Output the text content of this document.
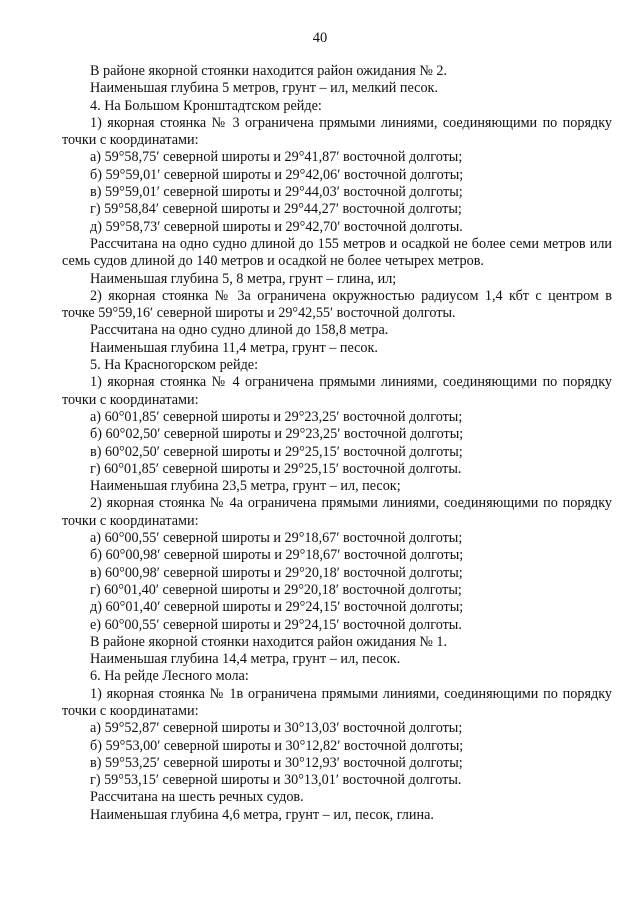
40
В районе якорной стоянки находится район ожидания № 2.
Наименьшая глубина 5 метров, грунт – ил, мелкий песок.
4. На Большом Кронштадтском рейде:
1) якорная стоянка № 3 ограничена прямыми линиями, соединяющими по порядку
точки с координатами:
а) 59°58,75′ северной широты и 29°41,87′ восточной долготы;
б) 59°59,01′ северной широты и 29°42,06′ восточной долготы;
в) 59°59,01′ северной широты и 29°44,03′ восточной долготы;
г) 59°58,84′ северной широты и 29°44,27′ восточной долготы;
д) 59°58,73′ северной широты и 29°42,70′ восточной долготы.
Рассчитана на одно судно длиной до 155 метров и осадкой не более семи метров или
семь судов длиной до 140 метров и осадкой не более четырех метров.
Наименьшая глубина 5, 8 метра, грунт – глина, ил;
2) якорная стоянка № 3а ограничена окружностью радиусом 1,4 кбт с центром в
точке 59°59,16′ северной широты и 29°42,55′ восточной долготы.
Рассчитана на одно судно длиной до 158,8 метра.
Наименьшая глубина 11,4 метра, грунт – песок.
5. На Красногорском рейде:
1) якорная стоянка № 4 ограничена прямыми линиями, соединяющими по порядку
точки с координатами:
а) 60°01,85′ северной широты и 29°23,25′ восточной долготы;
б) 60°02,50′ северной широты и 29°23,25′ восточной долготы;
в) 60°02,50′ северной широты и 29°25,15′ восточной долготы;
г) 60°01,85′ северной широты и 29°25,15′ восточной долготы.
Наименьшая глубина 23,5 метра, грунт – ил, песок;
2) якорная стоянка № 4а ограничена прямыми линиями, соединяющими по порядку
точки с координатами:
а) 60°00,55′ северной широты и 29°18,67′ восточной долготы;
б) 60°00,98′ северной широты и 29°18,67′ восточной долготы;
в) 60°00,98′ северной широты и 29°20,18′ восточной долготы;
г) 60°01,40′ северной широты и 29°20,18′ восточной долготы;
д) 60°01,40′ северной широты и 29°24,15′ восточной долготы;
е) 60°00,55′ северной широты и 29°24,15′ восточной долготы.
В районе якорной стоянки находится район ожидания № 1.
Наименьшая глубина 14,4 метра, грунт – ил, песок.
6. На рейде Лесного мола:
1) якорная стоянка № 1в ограничена прямыми линиями, соединяющими по порядку
точки с координатами:
а) 59°52,87′ северной широты и 30°13,03′ восточной долготы;
б) 59°53,00′ северной широты и 30°12,82′ восточной долготы;
в) 59°53,25′ северной широты и 30°12,93′ восточной долготы;
г) 59°53,15′ северной широты и 30°13,01′ восточной долготы.
Рассчитана на шесть речных судов.
Наименьшая глубина 4,6 метра, грунт – ил, песок, глина.
